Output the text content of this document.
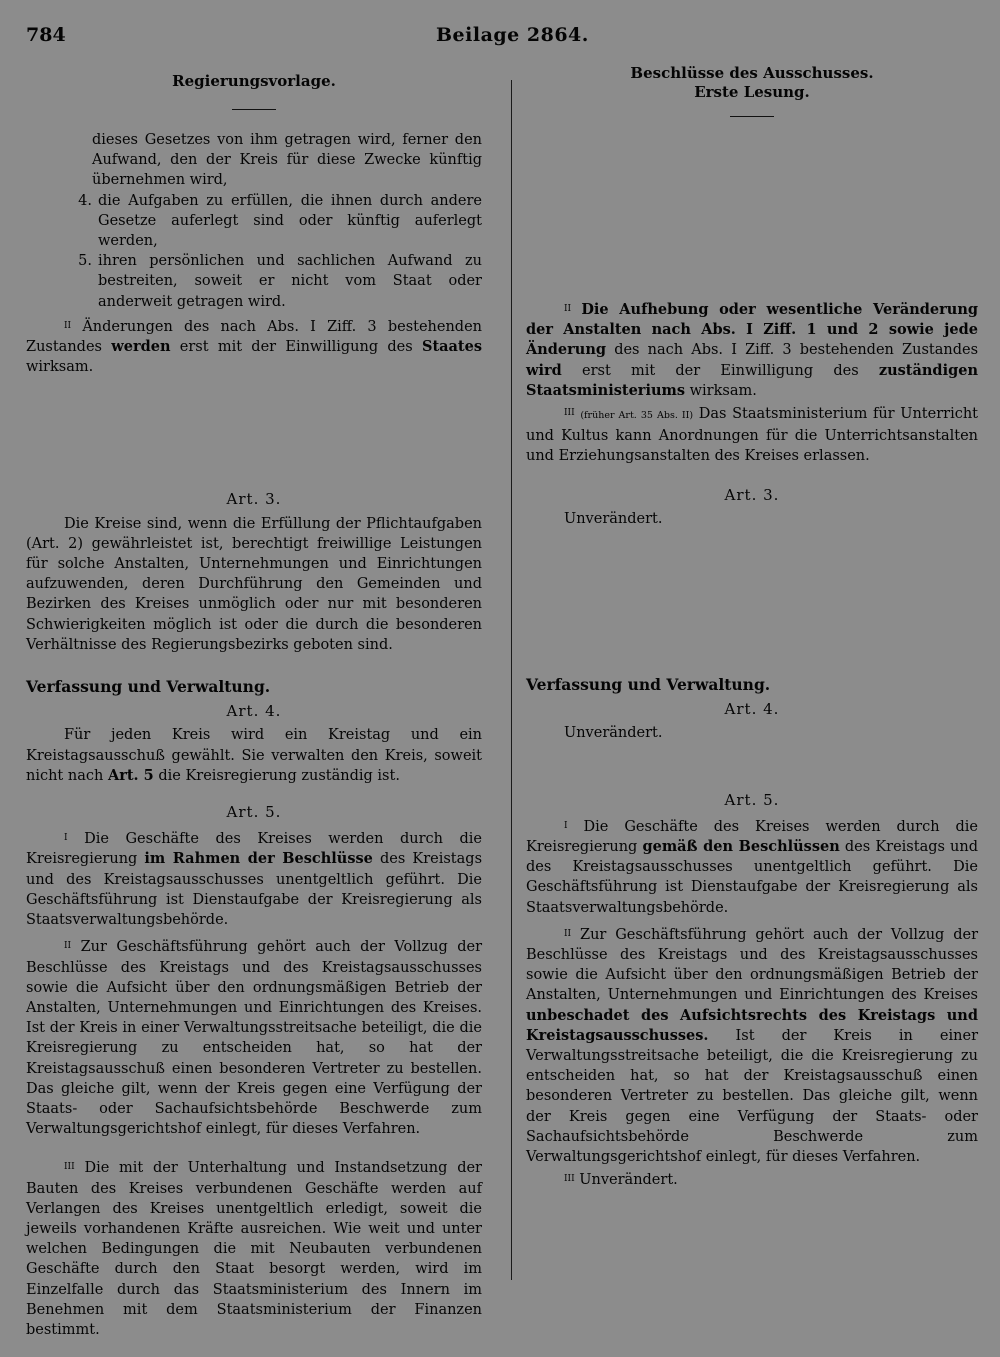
784	Beilage 2864.

Regierungsvorlage.

dieses Gesetzes von ihm getragen wird, ferner den Aufwand, den der Kreis für diese Zwecke künftig übernehmen wird,

4. die Aufgaben zu erfüllen, die ihnen durch andere Gesetze auferlegt sind oder künftig auferlegt werden,

5. ihren persönlichen und sachlichen Aufwand zu bestreiten, soweit er nicht vom Staat oder anderweit getragen wird.

$^{II}$ Änderungen des nach Abs. I Ziff. 3 bestehenden Zustandes werden erst mit der Einwilligung des Staates wirksam.

Art. 3.

Die Kreise sind, wenn die Erfüllung der Pflichtaufgaben (Art. 2) gewährleistet ist, berechtigt freiwillige Leistungen für solche Anstalten, Unternehmungen und Einrichtungen aufzuwenden, deren Durchführung den Gemeinden und Bezirken des Kreises unmöglich oder nur mit besonderen Schwierigkeiten möglich ist oder die durch die besonderen Verhältnisse des Regierungsbezirks geboten sind.

Verfassung und Verwaltung.

Art. 4.

Für jeden Kreis wird ein Kreistag und ein Kreistagsausschuß gewählt. Sie verwalten den Kreis, soweit nicht nach Art. 5 die Kreisregierung zuständig ist.

Art. 5.

$^I$ Die Geschäfte des Kreises werden durch die Kreisregierung im Rahmen der Beschlüsse des Kreistags und des Kreistagsausschusses unentgeltlich geführt. Die Geschäftsführung ist Dienstaufgabe der Kreisregierung als Staatsverwaltungsbehörde.

$^{II}$ Zur Geschäftsführung gehört auch der Vollzug der Beschlüsse des Kreistags und des Kreistagsausschusses sowie die Aufsicht über den ordnungsmäßigen Betrieb der Anstalten, Unternehmungen und Einrichtungen des Kreises. Ist der Kreis in einer Verwaltungsstreitsache beteiligt, die die Kreisregierung zu entscheiden hat, so hat der Kreistagsausschuß einen besonderen Vertreter zu bestellen. Das gleiche gilt, wenn der Kreis gegen eine Verfügung der Staats- oder Sachaufsichtsbehörde Beschwerde zum Verwaltungsgerichtshof einlegt, für dieses Verfahren.

$^{III}$ Die mit der Unterhaltung und Instandsetzung der Bauten des Kreises verbundenen Geschäfte werden auf Verlangen des Kreises unentgeltlich erledigt, soweit die jeweils vorhandenen Kräfte ausreichen. Wie weit und unter welchen Bedingungen die mit Neubauten verbundenen Geschäfte durch den Staat besorgt werden, wird im Einzelfalle durch das Staatsministerium des Innern im Benehmen mit dem Staatsministerium der Finanzen bestimmt.

Beschlüsse des Ausschusses.

Erste Lesung.

$^{II}$ Die Aufhebung oder wesentliche Veränderung der Anstalten nach Abs. I Ziff. 1 und 2 sowie jede Änderung des nach Abs. I Ziff. 3 bestehenden Zustandes wird erst mit der Einwilligung des zuständigen Staatsministeriums wirksam.

$^{III}$ (früher Art. 35 Abs. II) Das Staatsministerium für Unterricht und Kultus kann Anordnungen für die Unterrichtsanstalten und Erziehungsanstalten des Kreises erlassen.

Art. 3.

Unverändert.

Verfassung und Verwaltung.

Art. 4.

Unverändert.

Art. 5.

$^I$ Die Geschäfte des Kreises werden durch die Kreisregierung gemäß den Beschlüssen des Kreistags und des Kreistagsausschusses unentgeltlich geführt. Die Geschäftsführung ist Dienstaufgabe der Kreisregierung als Staatsverwaltungsbehörde.

$^{II}$ Zur Geschäftsführung gehört auch der Vollzug der Beschlüsse des Kreistags und des Kreistagsausschusses sowie die Aufsicht über den ordnungsmäßigen Betrieb der Anstalten, Unternehmungen und Einrichtungen des Kreises unbeschadet des Aufsichtsrechts des Kreistags und Kreistagsausschusses. Ist der Kreis in einer Verwaltungsstreitsache beteiligt, die die Kreisregierung zu entscheiden hat, so hat der Kreistagsausschuß einen besonderen Vertreter zu bestellen. Das gleiche gilt, wenn der Kreis gegen eine Verfügung der Staats- oder Sachaufsichtsbehörde Beschwerde zum Verwaltungsgerichtshof einlegt, für dieses Verfahren.

$^{III}$ Unverändert.
